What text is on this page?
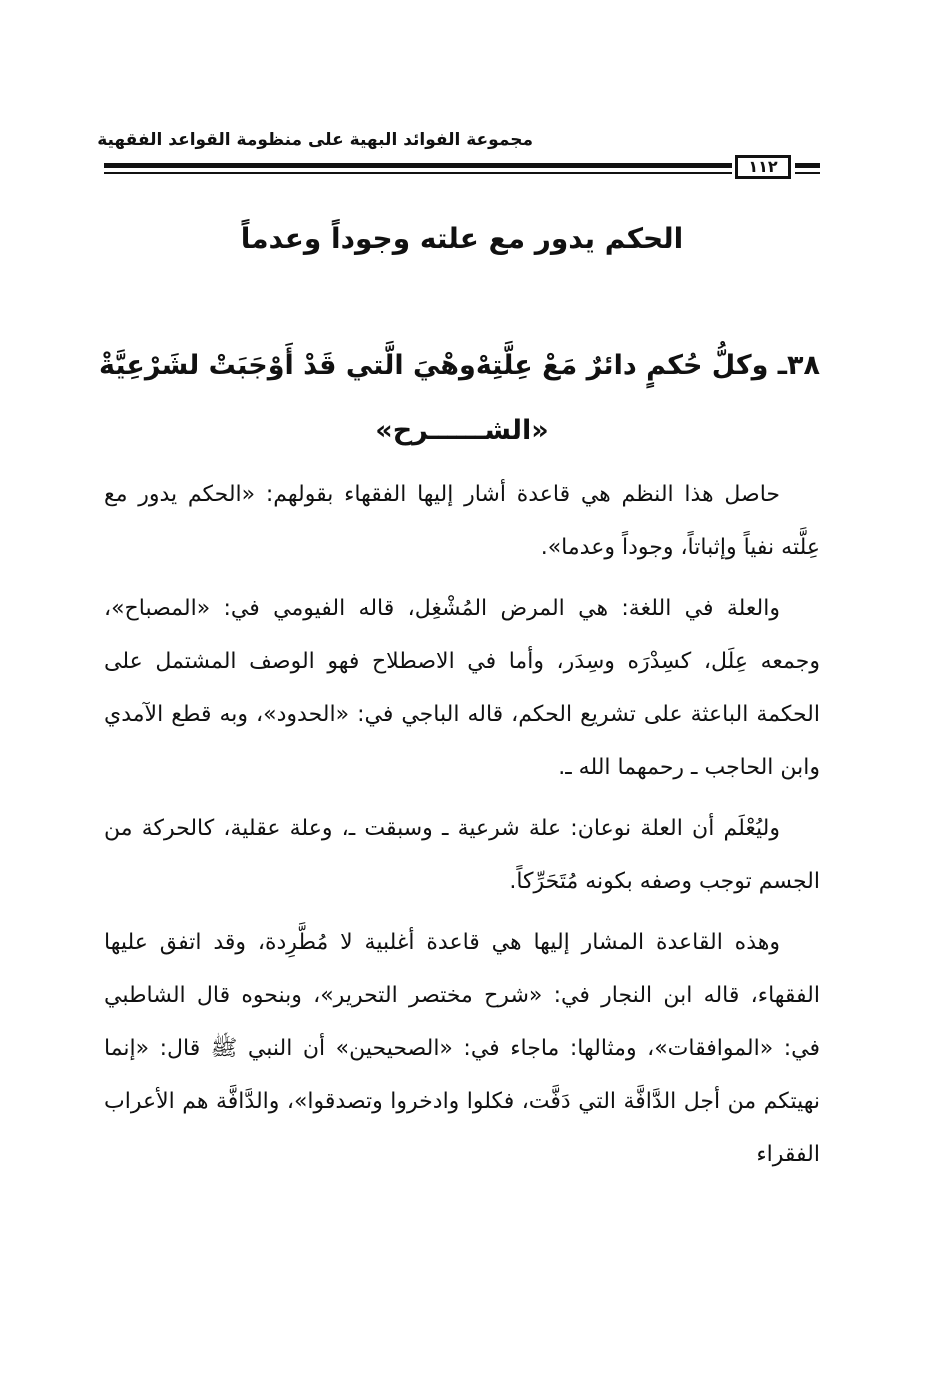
مجموعة الفوائد البهية على منظومة القواعد الفقهية
١١٢
الحكم يدور مع علته وجوداً وعدماً
٣٨ـ وكلُّ حُكمٍ دائرٌ مَعْ عِلَّتِهْ
وهْيَ الَّتي قَدْ أَوْجَبَتْ لشَرْعِيَّةْ
«الشــــــرح»

حاصل هذا النظم هي قاعدة أشار إليها الفقهاء بقولهم: «الحكم يدور مع عِلَّته نفياً وإثباتاً، وجوداً وعدما».

والعلة في اللغة: هي المرض المُشْغِل، قاله الفيومي في: «المصباح»، وجمعه عِلَل، كسِدْرَه وسِدَر، وأما في الاصطلاح فهو الوصف المشتمل على الحكمة الباعثة على تشريع الحكم، قاله الباجي في: «الحدود»، وبه قطع الآمدي وابن الحاجب ـ رحمهما الله ـ.

وليُعْلَم أن العلة نوعان: علة شرعية ـ وسبقت ـ، وعلة عقلية، كالحركة من الجسم توجب وصفه بكونه مُتَحَرِّكاً.

وهذه القاعدة المشار إليها هي قاعدة أغلبية لا مُطَّرِدة، وقد اتفق عليها الفقهاء، قاله ابن النجار في: «شرح مختصر التحرير»، وبنحوه قال الشاطبي في: «الموافقات»، ومثالها: ماجاء في: «الصحيحين» أن النبي ﷺ قال: «إنما نهيتكم من أجل الدَّافَّة التي دَفَّت، فكلوا وادخروا وتصدقوا»، والدَّافَّة هم الأعراب الفقراء
